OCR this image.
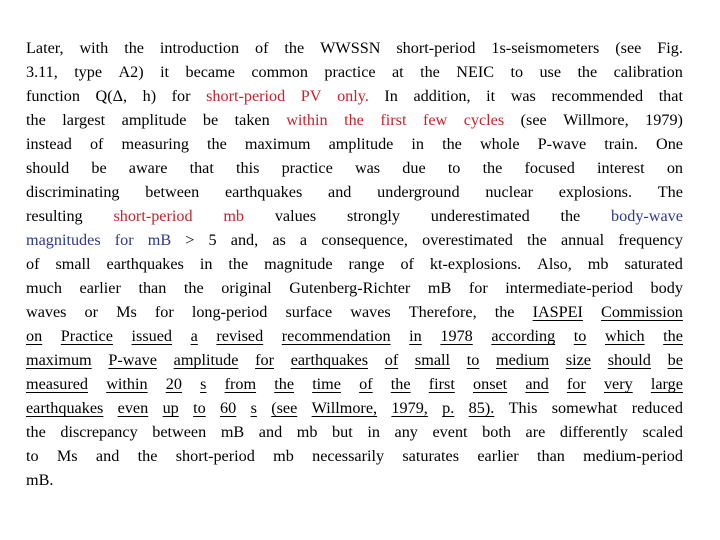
Later, with the introduction of the WWSSN short-period 1s-seismometers (see Fig.
3.11, type A2) it became common practice at the NEIC to use the calibration
function Q(Δ, h) for short-period PV only. In addition, it was recommended that
the largest amplitude be taken within the first few cycles (see Willmore, 1979)
instead of measuring the maximum amplitude in the whole P-wave train. One
should be aware that this practice was due to the focused interest on
discriminating between earthquakes and underground nuclear explosions. The
resulting short-period mb values strongly underestimated the body-wave
magnitudes for mB > 5 and, as a consequence, overestimated the annual frequency
of small earthquakes in the magnitude range of kt-explosions. Also, mb saturated
much earlier than the original Gutenberg-Richter mB for intermediate-period body
waves or Ms for long-period surface waves Therefore, the IASPEI Commission
on Practice issued a revised recommendation in 1978 according to which the
maximum P-wave amplitude for earthquakes of small to medium size should be
measured within 20 s from the time of the first onset and for very large
earthquakes even up to 60 s (see Willmore, 1979, p. 85). This somewhat reduced
the discrepancy between mB and mb but in any event both are differently scaled
to Ms and the short-period mb necessarily saturates earlier than medium-period
mB.
